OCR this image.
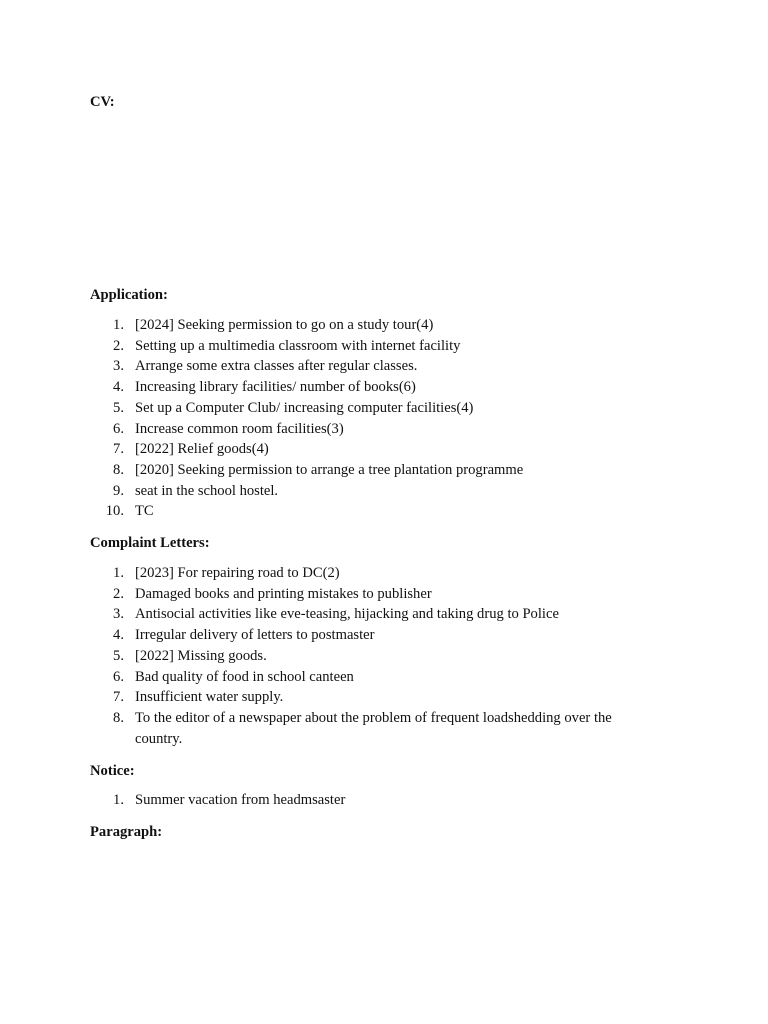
CV:

Application:

1. [2024] Seeking permission to go on a study tour(4)
2. Setting up a multimedia classroom with internet facility
3. Arrange some extra classes after regular classes.
4. Increasing library facilities/ number of books(6)
5. Set up a Computer Club/ increasing computer facilities(4)
6. Increase common room facilities(3)
7. [2022] Relief goods(4)
8. [2020] Seeking permission to arrange a tree plantation programme
9. seat in the school hostel.
10. TC

Complaint Letters:

1. [2023] For repairing road to DC(2)
2. Damaged books and printing mistakes to publisher
3. Antisocial activities like eve-teasing, hijacking and taking drug to Police
4. Irregular delivery of letters to postmaster
5. [2022] Missing goods.
6. Bad quality of food in school canteen
7. Insufficient water supply.
8. To the editor of a newspaper about the problem of frequent loadshedding over the country.

Notice:

1. Summer vacation from headmsaster

Paragraph:
